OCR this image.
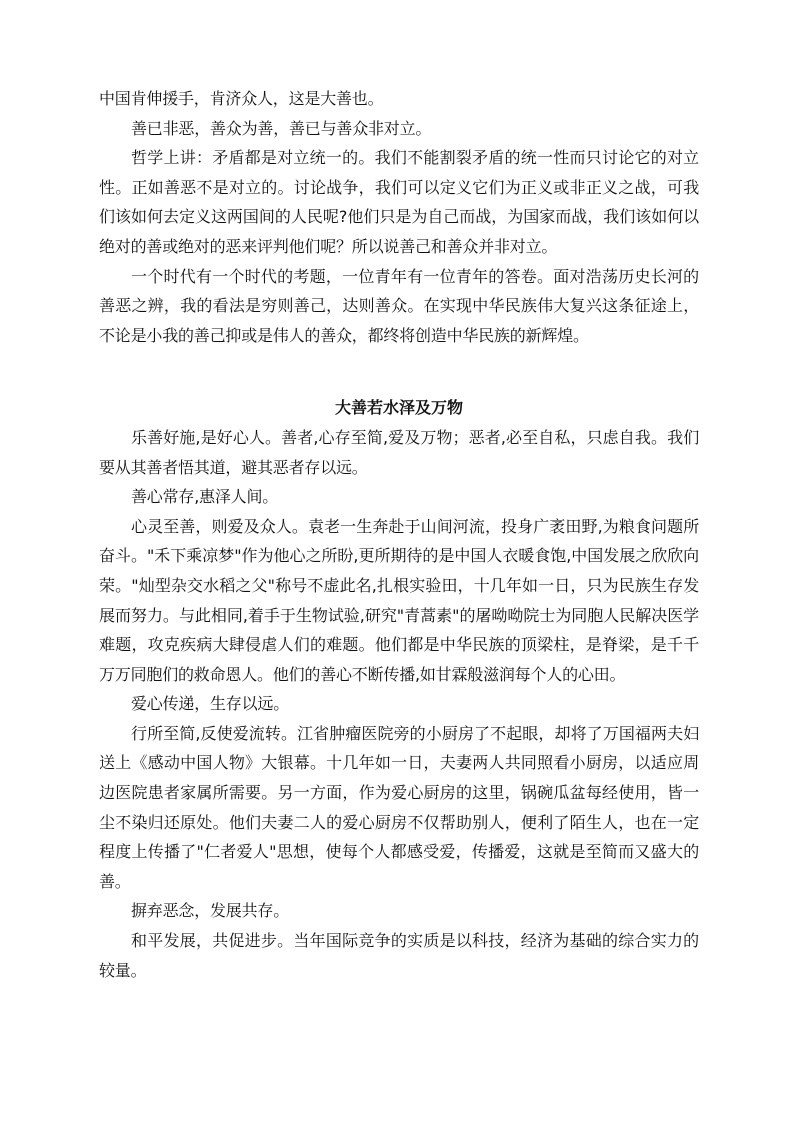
中国肯伸援手，肯济众人，这是大善也。

善已非恶，善众为善，善已与善众非对立。

哲学上讲：矛盾都是对立统一的。我们不能割裂矛盾的统一性而只讨论它的对立性。正如善恶不是对立的。讨论战争，我们可以定义它们为正义或非正义之战，可我们该如何去定义这两国间的人民呢?他们只是为自己而战，为国家而战，我们该如何以绝对的善或绝对的恶来评判他们呢？所以说善己和善众并非对立。

一个时代有一个时代的考题，一位青年有一位青年的答卷。面对浩荡历史长河的善恶之辨，我的看法是穷则善己，达则善众。在实现中华民族伟大复兴这条征途上，不论是小我的善己抑或是伟人的善众，都终将创造中华民族的新辉煌。

大善若水泽及万物

乐善好施,是好心人。善者,心存至简,爱及万物；恶者,必至自私，只虑自我。我们要从其善者悟其道，避其恶者存以远。

善心常存,惠泽人间。

心灵至善，则爱及众人。袁老一生奔赴于山间河流，投身广袤田野,为粮食问题所奋斗。"禾下乘凉梦"作为他心之所盼,更所期待的是中国人衣暖食饱,中国发展之欣欣向荣。"灿型杂交水稻之父"称号不虚此名,扎根实验田，十几年如一日，只为民族生存发展而努力。与此相同,着手于生物试验,研究"青蒿素"的屠呦呦院士为同胞人民解决医学难题，攻克疾病大肆侵虐人们的难题。他们都是中华民族的顶梁柱，是脊梁，是千千万万同胞们的救命恩人。他们的善心不断传播,如甘霖般滋润每个人的心田。

爱心传递，生存以远。

行所至简,反使爱流转。江省肿瘤医院旁的小厨房了不起眼，却将了万国福两夫妇送上《感动中国人物》大银幕。十几年如一日，夫妻两人共同照看小厨房，以适应周边医院患者家属所需要。另一方面，作为爱心厨房的这里，锅碗瓜盆每经使用，皆一尘不染归还原处。他们夫妻二人的爱心厨房不仅帮助别人，便利了陌生人，也在一定程度上传播了"仁者爱人"思想，使每个人都感受爱，传播爱，这就是至简而又盛大的善。

摒弃恶念，发展共存。

和平发展，共促进步。当年国际竞争的实质是以科技，经济为基础的综合实力的较量。
